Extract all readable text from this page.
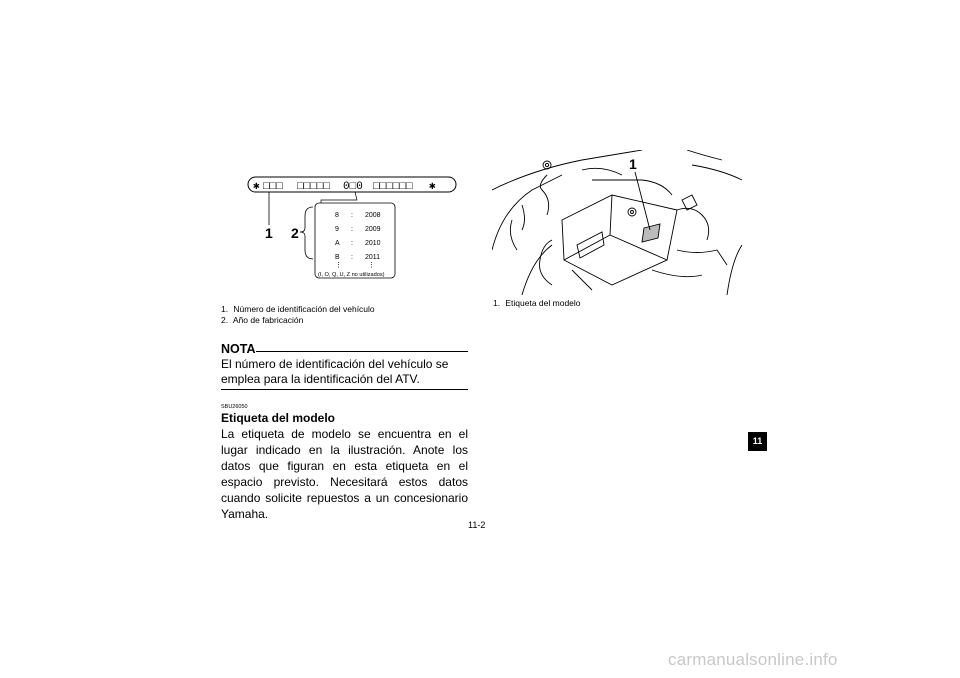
✱ □□□ □□□□□ 0□0 □□□□□□ ✱
1 2
8 : 2008
9 : 2009
A : 2010
B : 2011
⋮	⋮
(I, O, Q, U, Z no utilizados)
1. Número de identificación del vehículo
2. Año de fabricación
NOTA
El número de identificación del vehículo se emplea para la identificación del ATV.
SBU26050
Etiqueta del modelo
La etiqueta de modelo se encuentra en el lugar indicado en la ilustración. Anote los datos que figuran en esta etiqueta en el espacio previsto. Necesitará estos datos cuando solicite repuestos a un concesionario Yamaha.
1
1. Etiqueta del modelo
11-2
11
carmanualsonline.info
